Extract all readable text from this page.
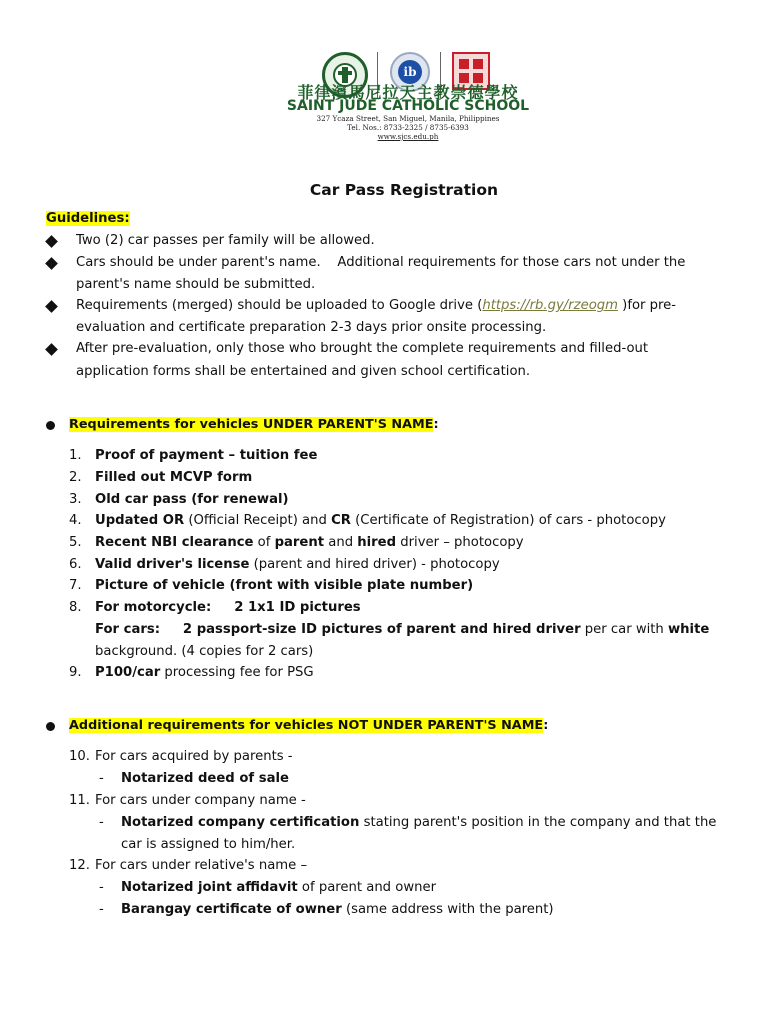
ib
菲律濱馬尼拉天主教崇德學校
SAINT JUDE CATHOLIC SCHOOL
327 Ycaza Street, San Miguel, Manila, Philippines
Tel. Nos.: 8733-2325 / 8735-6393
www.sjcs.edu.ph
Car Pass Registration
Guidelines:
Two (2) car passes per family will be allowed.
Cars should be under parent's name.    Additional requirements for those cars not under the
parent's name should be submitted.
Requirements (merged) should be uploaded to Google drive (https://rb.gy/rzeogm )for pre-
evaluation and certificate preparation 2-3 days prior onsite processing.
After pre-evaluation, only those who brought the complete requirements and filled-out
application forms shall be entertained and given school certification.
Requirements for vehicles UNDER PARENT'S NAME:
1. Proof of payment – tuition fee
2. Filled out MCVP form
3. Old car pass (for renewal)
4. Updated OR (Official Receipt) and CR (Certificate of Registration) of cars - photocopy
5. Recent NBI clearance of parent and hired driver – photocopy
6. Valid driver's license (parent and hired driver) - photocopy
7. Picture of vehicle (front with visible plate number)
8. For motorcycle:     2 1x1 ID pictures
For cars:     2 passport-size ID pictures of parent and hired driver per car with white
background. (4 copies for 2 cars)
9. P100/car processing fee for PSG
Additional requirements for vehicles NOT UNDER PARENT'S NAME:
10. For cars acquired by parents -
- Notarized deed of sale
11. For cars under company name -
- Notarized company certification stating parent's position in the company and that the
car is assigned to him/her.
12. For cars under relative's name –
- Notarized joint affidavit of parent and owner
- Barangay certificate of owner (same address with the parent)
